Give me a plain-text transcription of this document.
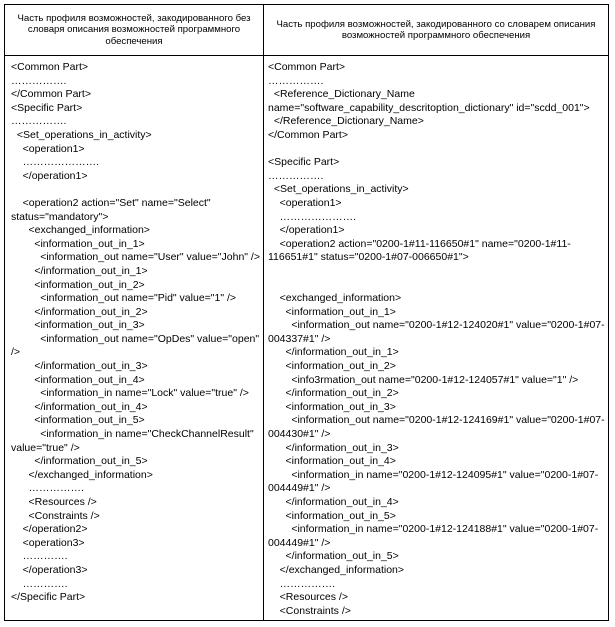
Часть профиля возможностей, закодированного без словаря описания возможностей программного обеспечения
Часть профиля возможностей, закодированного со словарем описания возможностей программного обеспечения
<Common Part>
…………….
</Common Part>
<Specific Part>
…………….
<Set_operations_in_activity>
<operation1>
………………….
</operation1>
<operation2 action="Set" name="Select" status="mandatory">
<exchanged_information>
<information_out_in_1>
<information_out name="User" value="John" />
</information_out_in_1>
<information_out_in_2>
<information_out name="Pid" value="1" />
</information_out_in_2>
<information_out_in_3>
<information_out name="OpDes" value="open" />
</information_out_in_3>
<information_out_in_4>
<information_in name="Lock" value="true" />
</information_out_in_4>
<information_out_in_5>
<information_in name="CheckChannelResult" value="true" />
</information_out_in_5>
</exchanged_information>
…………….
<Resources />
<Constraints />
</operation2>
<operation3>
………….
</operation3>
………….
</Specific Part>
<Common Part>
…………….
<Reference_Dictionary_Name name="software_capability_descritoption_dictionary" id="scdd_001">
</Reference_Dictionary_Name>
</Common Part>
<Specific Part>
…………….
<Set_operations_in_activity>
<operation1>
………………….
</operation1>
<operation2 action="0200-1#11-116650#1" name="0200-1#11-116651#1" status="0200-1#07-006650#1">
<exchanged_information>
<information_out_in_1>
<information_out name="0200-1#12-124020#1" value="0200-1#07-004337#1" />
</information_out_in_1>
<information_out_in_2>
<info3rmation_out name="0200-1#12-124057#1" value="1" />
</information_out_in_2>
<information_out_in_3>
<information_out name="0200-1#12-124169#1" value="0200-1#07-004430#1" />
</information_out_in_3>
<information_out_in_4>
<information_in name="0200-1#12-124095#1" value="0200-1#07-004449#1" />
</information_out_in_4>
<information_out_in_5>
<information_in name="0200-1#12-124188#1" value="0200-1#07-004449#1" />
</information_out_in_5>
</exchanged_information>
…………….
<Resources />
<Constraints />
